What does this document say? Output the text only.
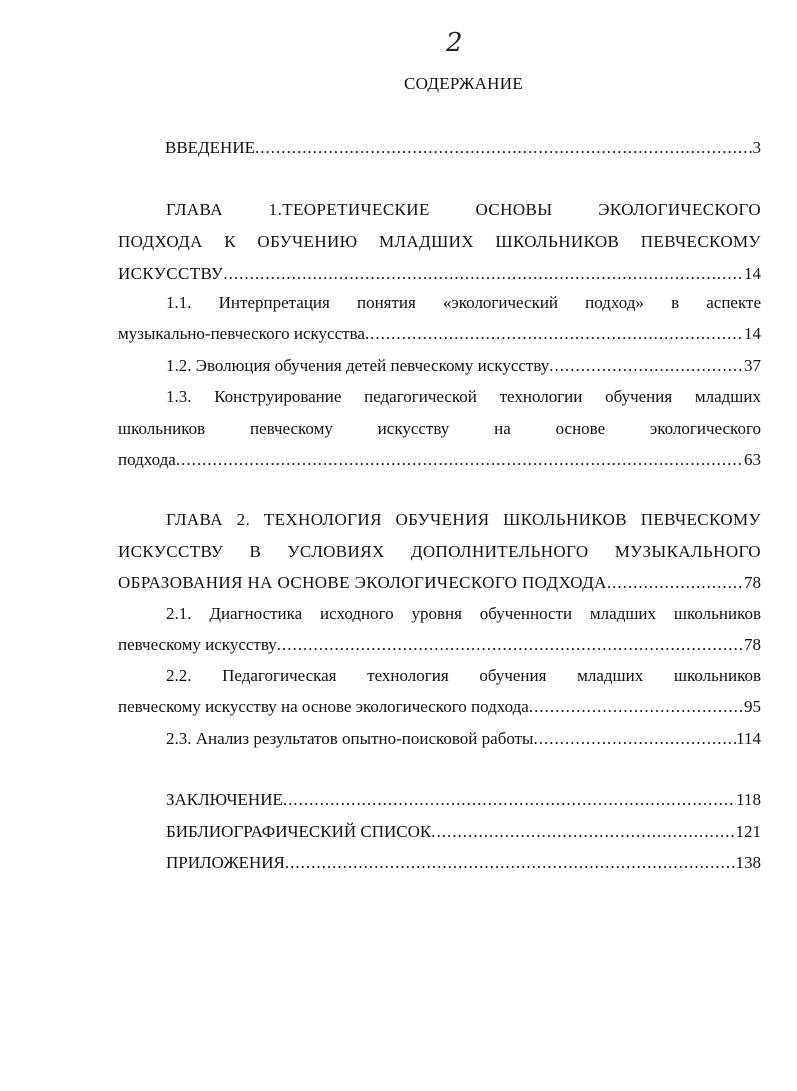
2
СОДЕРЖАНИЕ
ВВЕДЕНИЕ .....	3
ГЛАВА 1.ТЕОРЕТИЧЕСКИЕ ОСНОВЫ ЭКОЛОГИЧЕСКОГО
ПОДХОДА К ОБУЧЕНИЮ МЛАДШИХ ШКОЛЬНИКОВ ПЕВЧЕСКОМУ
ИСКУССТВУ .....	14
1.1. Интерпретация понятия «экологический подход» в аспекте
музыкально-певческого искусства .....	14
1.2. Эволюция обучения детей певческому искусству .....	37
1.3. Конструирование педагогической технологии обучения младших
школьников певческому искусству на основе экологического
подхода .....	63
ГЛАВА 2. ТЕХНОЛОГИЯ ОБУЧЕНИЯ ШКОЛЬНИКОВ ПЕВЧЕСКОМУ
ИСКУССТВУ В УСЛОВИЯХ ДОПОЛНИТЕЛЬНОГО МУЗЫКАЛЬНОГО
ОБРАЗОВАНИЯ НА ОСНОВЕ ЭКОЛОГИЧЕСКОГО ПОДХОДА .....	78
2.1. Диагностика исходного уровня обученности младших школьников
певческому искусству .....	78
2.2. Педагогическая технология обучения младших школьников
певческому искусству на основе экологического подхода .....	95
2.3. Анализ результатов опытно-поисковой работы .....	114
ЗАКЛЮЧЕНИЕ .....	118
БИБЛИОГРАФИЧЕСКИЙ СПИСОК .....	121
ПРИЛОЖЕНИЯ .....	138
